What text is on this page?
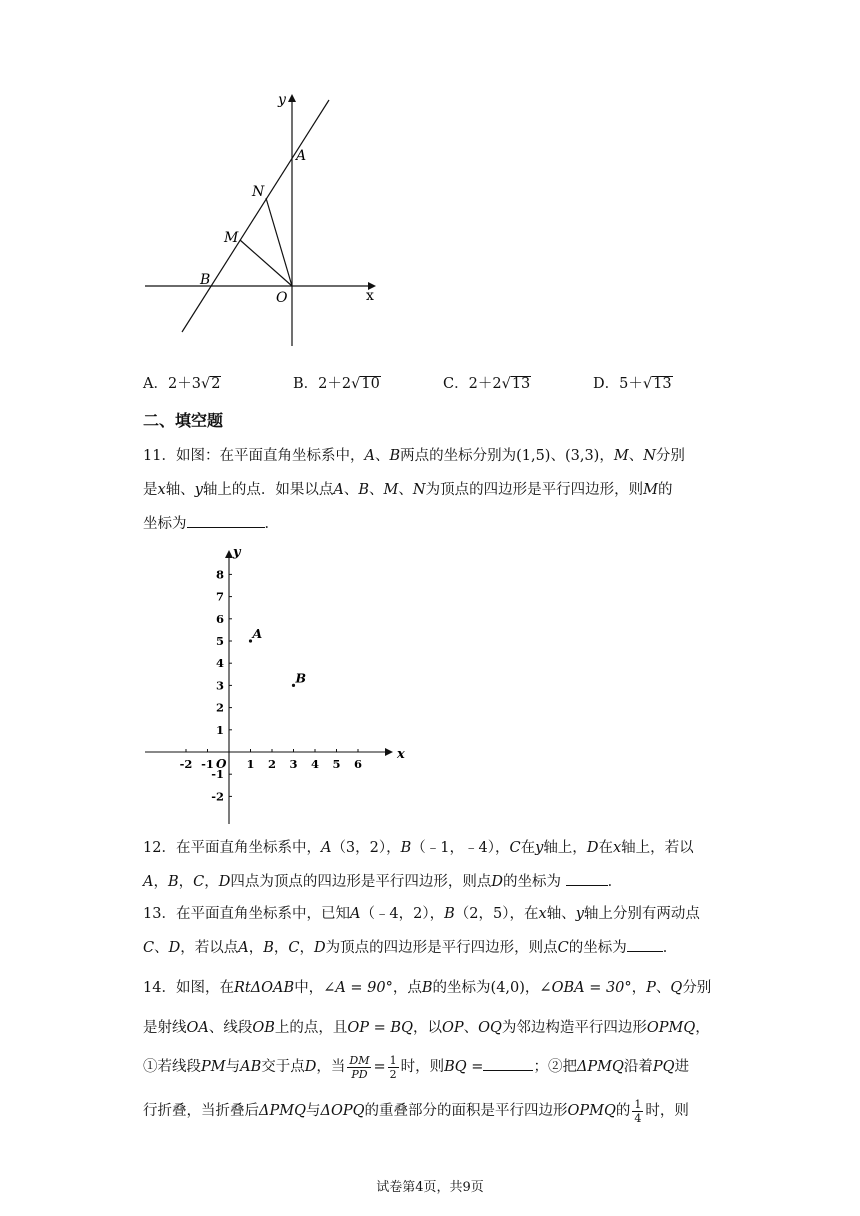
y
x
O
A
N
M
B
A．2＋3√2	B．2＋2√10	C．2＋2√13	D．5＋√13
二、填空题
11．如图：在平面直角坐标系中，A、B两点的坐标分别为(1,5)、(3,3)，M、N分别
是x轴、y轴上的点．如果以点A、B、M、N为顶点的四边形是平行四边形，则M的
坐标为	．
x
y
O
-2 -1	1 2 3 4 5 6
8
7
6
5
4
3
2
1
-1
-2
A
B
12．在平面直角坐标系中，A（3，2），B（﹣1，﹣4），C在y轴上，D在x轴上，若以
A，B，C，D四点为顶点的四边形是平行四边形，则点D的坐标为	．
13．在平面直角坐标系中，已知A（﹣4，2），B（2，5），在x轴、y轴上分别有两动点
C、D，若以点A，B，C，D为顶点的四边形是平行四边形，则点C的坐标为 ．
14．如图，在RtΔOAB中，∠A = 90°，点B的坐标为(4,0)，∠OBA = 30°，P、Q分别
是射线OA、线段OB上的点，且OP = BQ，以OP、OQ为邻边构造平行四边形OPMQ，
①若线段PM与AB交于点D，当 $\frac{DM}{PD} = \frac{1}{2}$ 时，则BQ =	；②把ΔPMQ沿着PQ进
行折叠，当折叠后ΔPMQ与ΔOPQ的重叠部分的面积是平行四边形OPMQ的 $\frac{1}{4}$ 时，则
试卷第4页，共9页
